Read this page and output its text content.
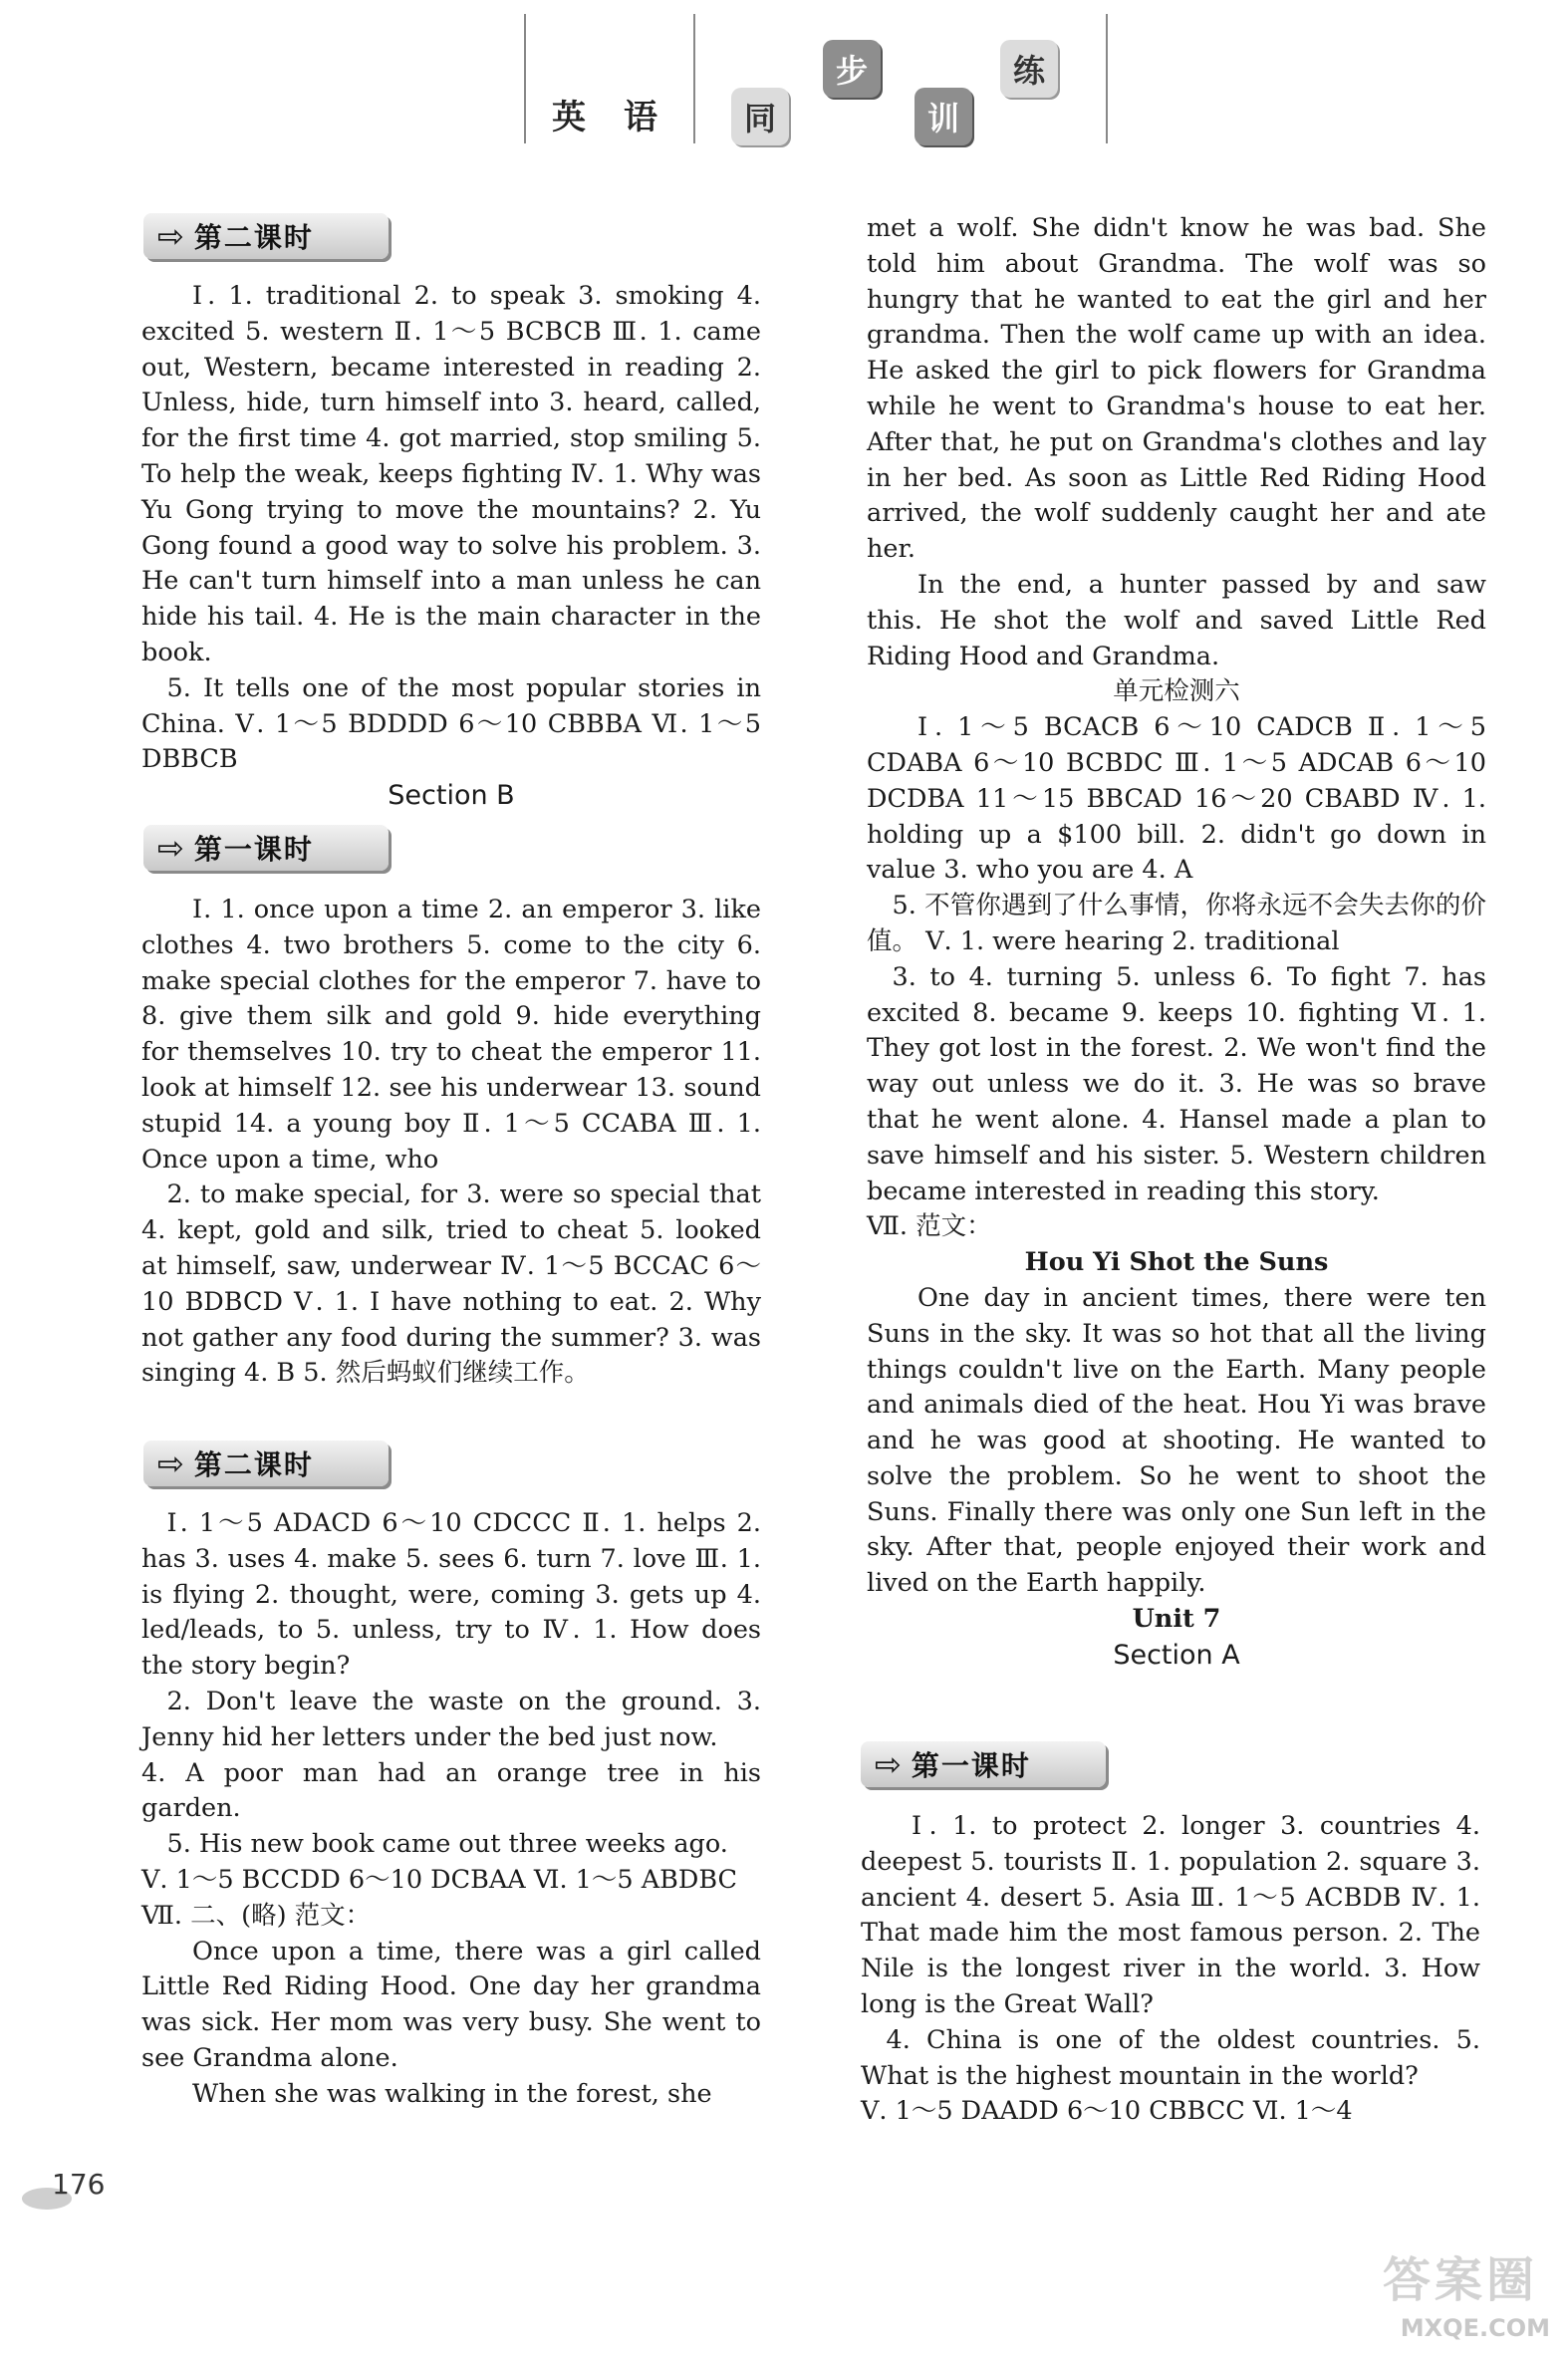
英 语	同
步
训
练
⇨ 第二课时

Ⅰ. 1. traditional 2. to speak 3. smoking 4. excited 5. western Ⅱ. 1～5 BCBCB Ⅲ. 1. came out, Western, became interested in reading 2. Unless, hide, turn himself into 3. heard, called, for the first time 4. got married, stop smiling 5. To help the weak, keeps fighting Ⅳ. 1. Why was Yu Gong trying to move the mountains? 2. Yu Gong found a good way to solve his problem. 3. He can't turn himself into a man unless he can hide his tail. 4. He is the main character in the book.

5. It tells one of the most popular stories in China. Ⅴ. 1～5 BDDDD 6～10 CBBBA Ⅵ. 1～5 DBBCB

Section B

⇨ 第一课时

Ⅰ. 1. once upon a time 2. an emperor 3. like clothes 4. two brothers 5. come to the city 6. make special clothes for the emperor 7. have to 8. give them silk and gold 9. hide everything for themselves 10. try to cheat the emperor 11. look at himself 12. see his underwear 13. sound stupid 14. a young boy Ⅱ. 1～5 CCABA Ⅲ. 1. Once upon a time, who

2. to make special, for 3. were so special that 4. kept, gold and silk, tried to cheat 5. looked at himself, saw, underwear Ⅳ. 1～5 BCCAC 6～10 BDBCD Ⅴ. 1. I have nothing to eat. 2. Why not gather any food during the summer? 3. was singing 4. B 5. 然后蚂蚁们继续工作。

⇨ 第二课时

Ⅰ. 1～5 ADACD 6～10 CDCCC Ⅱ. 1. helps 2. has 3. uses 4. make 5. sees 6. turn 7. love Ⅲ. 1. is flying 2. thought, were, coming 3. gets up 4. led/leads, to 5. unless, try to Ⅳ. 1. How does the story begin?

2. Don't leave the waste on the ground. 3. Jenny hid her letters under the bed just now.

4. A poor man had an orange tree in his garden.

5. His new book came out three weeks ago.

Ⅴ. 1～5 BCCDD 6～10 DCBAA Ⅵ. 1～5 ABDBC

Ⅶ. 二、(略) 范文：

Once upon a time, there was a girl called Little Red Riding Hood. One day her grandma was sick. Her mom was very busy. She went to see Grandma alone.

When she was walking in the forest, she

met a wolf. She didn't know he was bad. She told him about Grandma. The wolf was so hungry that he wanted to eat the girl and her grandma. Then the wolf came up with an idea. He asked the girl to pick flowers for Grandma while he went to Grandma's house to eat her. After that, he put on Grandma's clothes and lay in her bed. As soon as Little Red Riding Hood arrived, the wolf suddenly caught her and ate her.

In the end, a hunter passed by and saw this. He shot the wolf and saved Little Red Riding Hood and Grandma.

单元检测六

Ⅰ. 1～5 BCACB 6～10 CADCB Ⅱ. 1～5 CDABA 6～10 BCBDC Ⅲ. 1～5 ADCAB 6～10 DCDBA 11～15 BBCAD 16～20 CBABD Ⅳ. 1. holding up a $100 bill. 2. didn't go down in value 3. who you are 4. A

5. 不管你遇到了什么事情，你将永远不会失去你的价值。 Ⅴ. 1. were hearing 2. traditional

3. to 4. turning 5. unless 6. To fight 7. has excited 8. became 9. keeps 10. fighting Ⅵ. 1. They got lost in the forest. 2. We won't find the way out unless we do it. 3. He was so brave that he went alone. 4. Hansel made a plan to save himself and his sister. 5. Western children became interested in reading this story.

Ⅶ. 范文：

Hou Yi Shot the Suns

One day in ancient times, there were ten Suns in the sky. It was so hot that all the living things couldn't live on the Earth. Many people and animals died of the heat. Hou Yi was brave and he was good at shooting. He wanted to solve the problem. So he went to shoot the Suns. Finally there was only one Sun left in the sky. After that, people enjoyed their work and lived on the Earth happily.

Unit 7

Section A

⇨ 第一课时

Ⅰ. 1. to protect 2. longer 3. countries 4. deepest 5. tourists Ⅱ. 1. population 2. square 3. ancient 4. desert 5. Asia Ⅲ. 1～5 ACBDB Ⅳ. 1. That made him the most famous person. 2. The Nile is the longest river in the world. 3. How long is the Great Wall?

4. China is one of the oldest countries. 5. What is the highest mountain in the world?

Ⅴ. 1～5 DAADD 6～10 CBBCC Ⅵ. 1～4

176
答案圈
MXQE.COM
